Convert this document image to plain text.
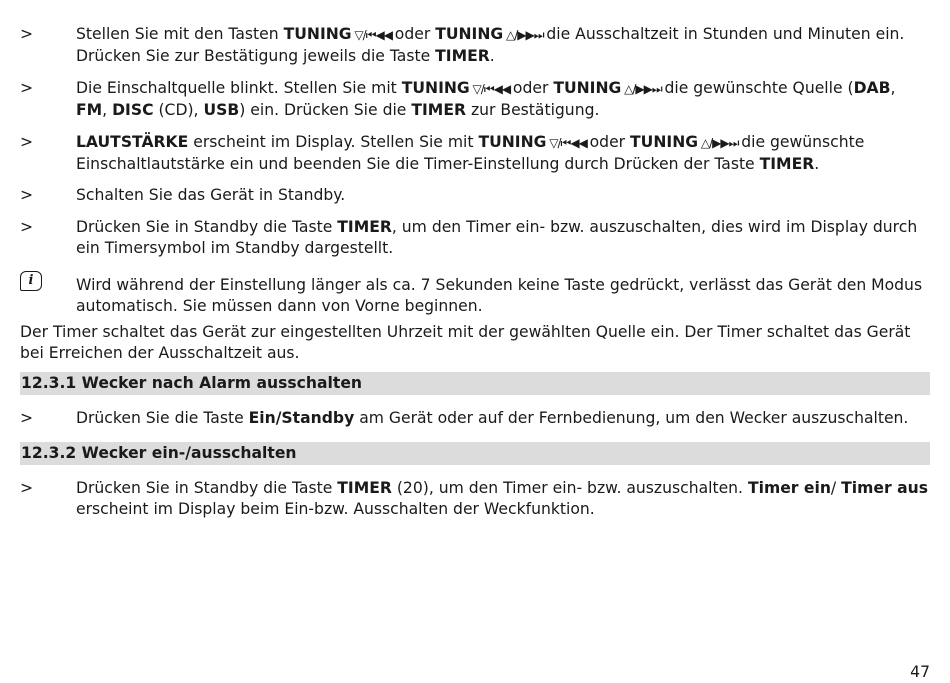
>	Stellen Sie mit den Tasten TUNING ▽/⏮◀◀ oder TUNING △/▶▶⏭ die Ausschaltzeit in Stunden und Minuten ein. Drücken Sie zur Bestätigung jeweils die Taste TIMER.
>	Die Einschaltquelle blinkt. Stellen Sie mit TUNING ▽/⏮◀◀ oder TUNING △/▶▶⏭ die gewünschte Quelle (DAB, FM, DISC (CD), USB) ein. Drücken Sie die TIMER zur Bestätigung.
>	LAUTSTÄRKE erscheint im Display. Stellen Sie mit TUNING ▽/⏮◀◀ oder TUNING △/▶▶⏭ die gewünschte Einschaltlautstärke ein und beenden Sie die Timer-Einstellung durch Drücken der Taste TIMER.
>	Schalten Sie das Gerät in Standby.
>	Drücken Sie in Standby die Taste TIMER, um den Timer ein- bzw. auszuschalten, dies wird im Display durch ein Timersymbol im Standby dargestellt.
i	Wird während der Einstellung länger als ca. 7 Sekunden keine Taste gedrückt, verlässt das Gerät den Modus automatisch. Sie müssen dann von Vorne beginnen.
Der Timer schaltet das Gerät zur eingestellten Uhrzeit mit der gewählten Quelle ein. Der Timer schaltet das Gerät bei Erreichen der Ausschaltzeit aus.
12.3.1 Wecker nach Alarm ausschalten
>	Drücken Sie die Taste Ein/Standby am Gerät oder auf der Fernbedienung, um den Wecker auszuschalten.
12.3.2 Wecker ein-/ausschalten
>	Drücken Sie in Standby die Taste TIMER (20), um den Timer ein- bzw. auszuschalten. Timer ein/ Timer aus erscheint im Display beim Ein-bzw. Ausschalten der Weckfunktion.
47
